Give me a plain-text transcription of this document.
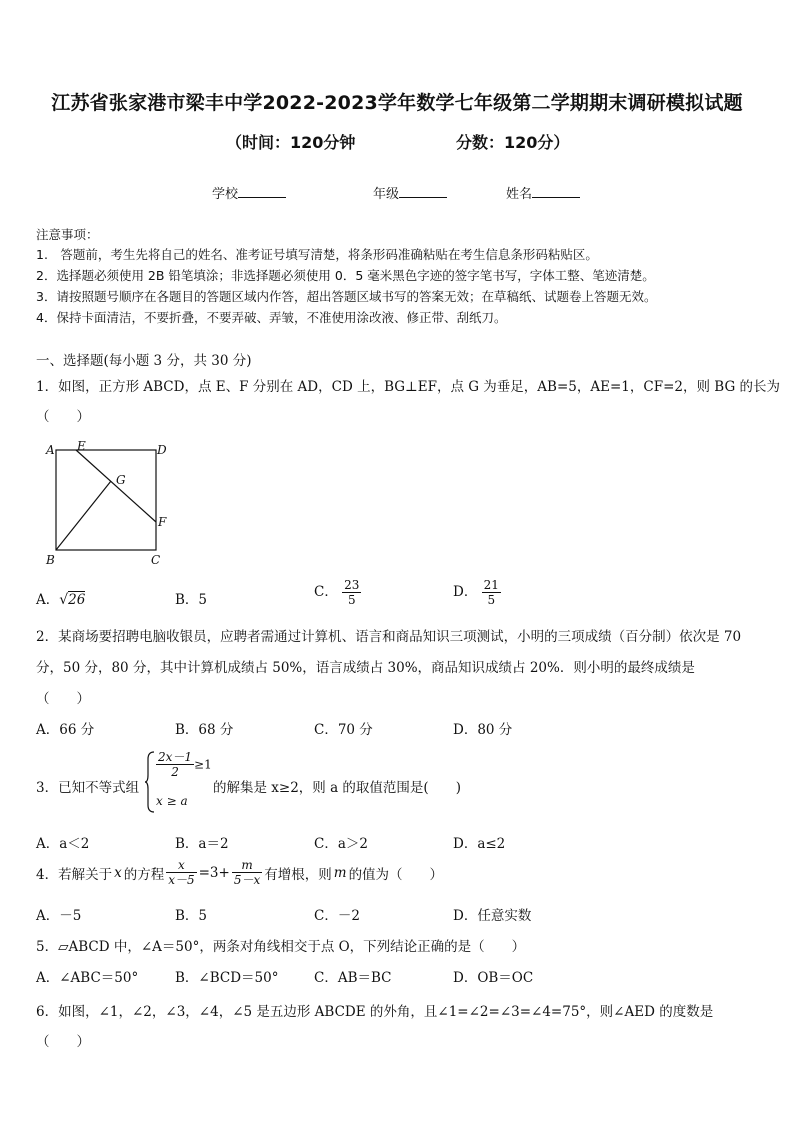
江苏省张家港市梁丰中学2022-2023学年数学七年级第二学期期末调研模拟试题
（时间：120分钟	分数：120分）
学校	年级	姓名
注意事项：
1.　答题前，考生先将自己的姓名、准考证号填写清楚，将条形码准确粘贴在考生信息条形码粘贴区。
2．选择题必须使用 2B 铅笔填涂；非选择题必须使用 0．5 毫米黑色字迹的签字笔书写，字体工整、笔迹清楚。
3．请按照题号顺序在各题目的答题区域内作答，超出答题区域书写的答案无效；在草稿纸、试题卷上答题无效。
4．保持卡面清洁，不要折叠，不要弄破、弄皱，不准使用涂改液、修正带、刮纸刀。
一、选择题(每小题 3 分，共 30 分)
1．如图，正方形 ABCD，点 E、F 分别在 AD，CD 上，BG⊥EF，点 G 为垂足，AB=5，AE=1，CF=2，则 BG 的长为
（　　）
A E	D
G
F
B	C
A．√26	B．5	C． $\frac{23}{5}$	D． $\frac{21}{5}$
2．某商场要招聘电脑收银员，应聘者需通过计算机、语言和商品知识三项测试，小明的三项成绩（百分制）依次是 70
分，50 分，80 分，其中计算机成绩占 50%，语言成绩占 30%，商品知识成绩占 20%．则小明的最终成绩是
（　　）
A．66 分	B．68 分	C．70 分	D．80 分
3．已知不等式组
$\frac{2x-1}{2} \ge 1$
x ≥ a
的解集是 x≥2，则 a 的取值范围是(　　)
A．a＜2	B．a＝2	C．a＞2	D．a≤2
4．若解关于 x 的方程 $\frac{x}{x-5} =3+ \frac{m}{5-x}$ 有增根，则 m 的值为（　　）
A．－5	B．5	C．－2	D．任意实数
5．▱ABCD 中，∠A＝50°，两条对角线相交于点 O，下列结论正确的是（　　）
A．∠ABC＝50°	B．∠BCD＝50°	C．AB＝BC	D．OB＝OC
6．如图，∠1，∠2，∠3，∠4，∠5 是五边形 ABCDE 的外角，且∠1=∠2=∠3=∠4=75°，则∠AED 的度数是
（　　）
